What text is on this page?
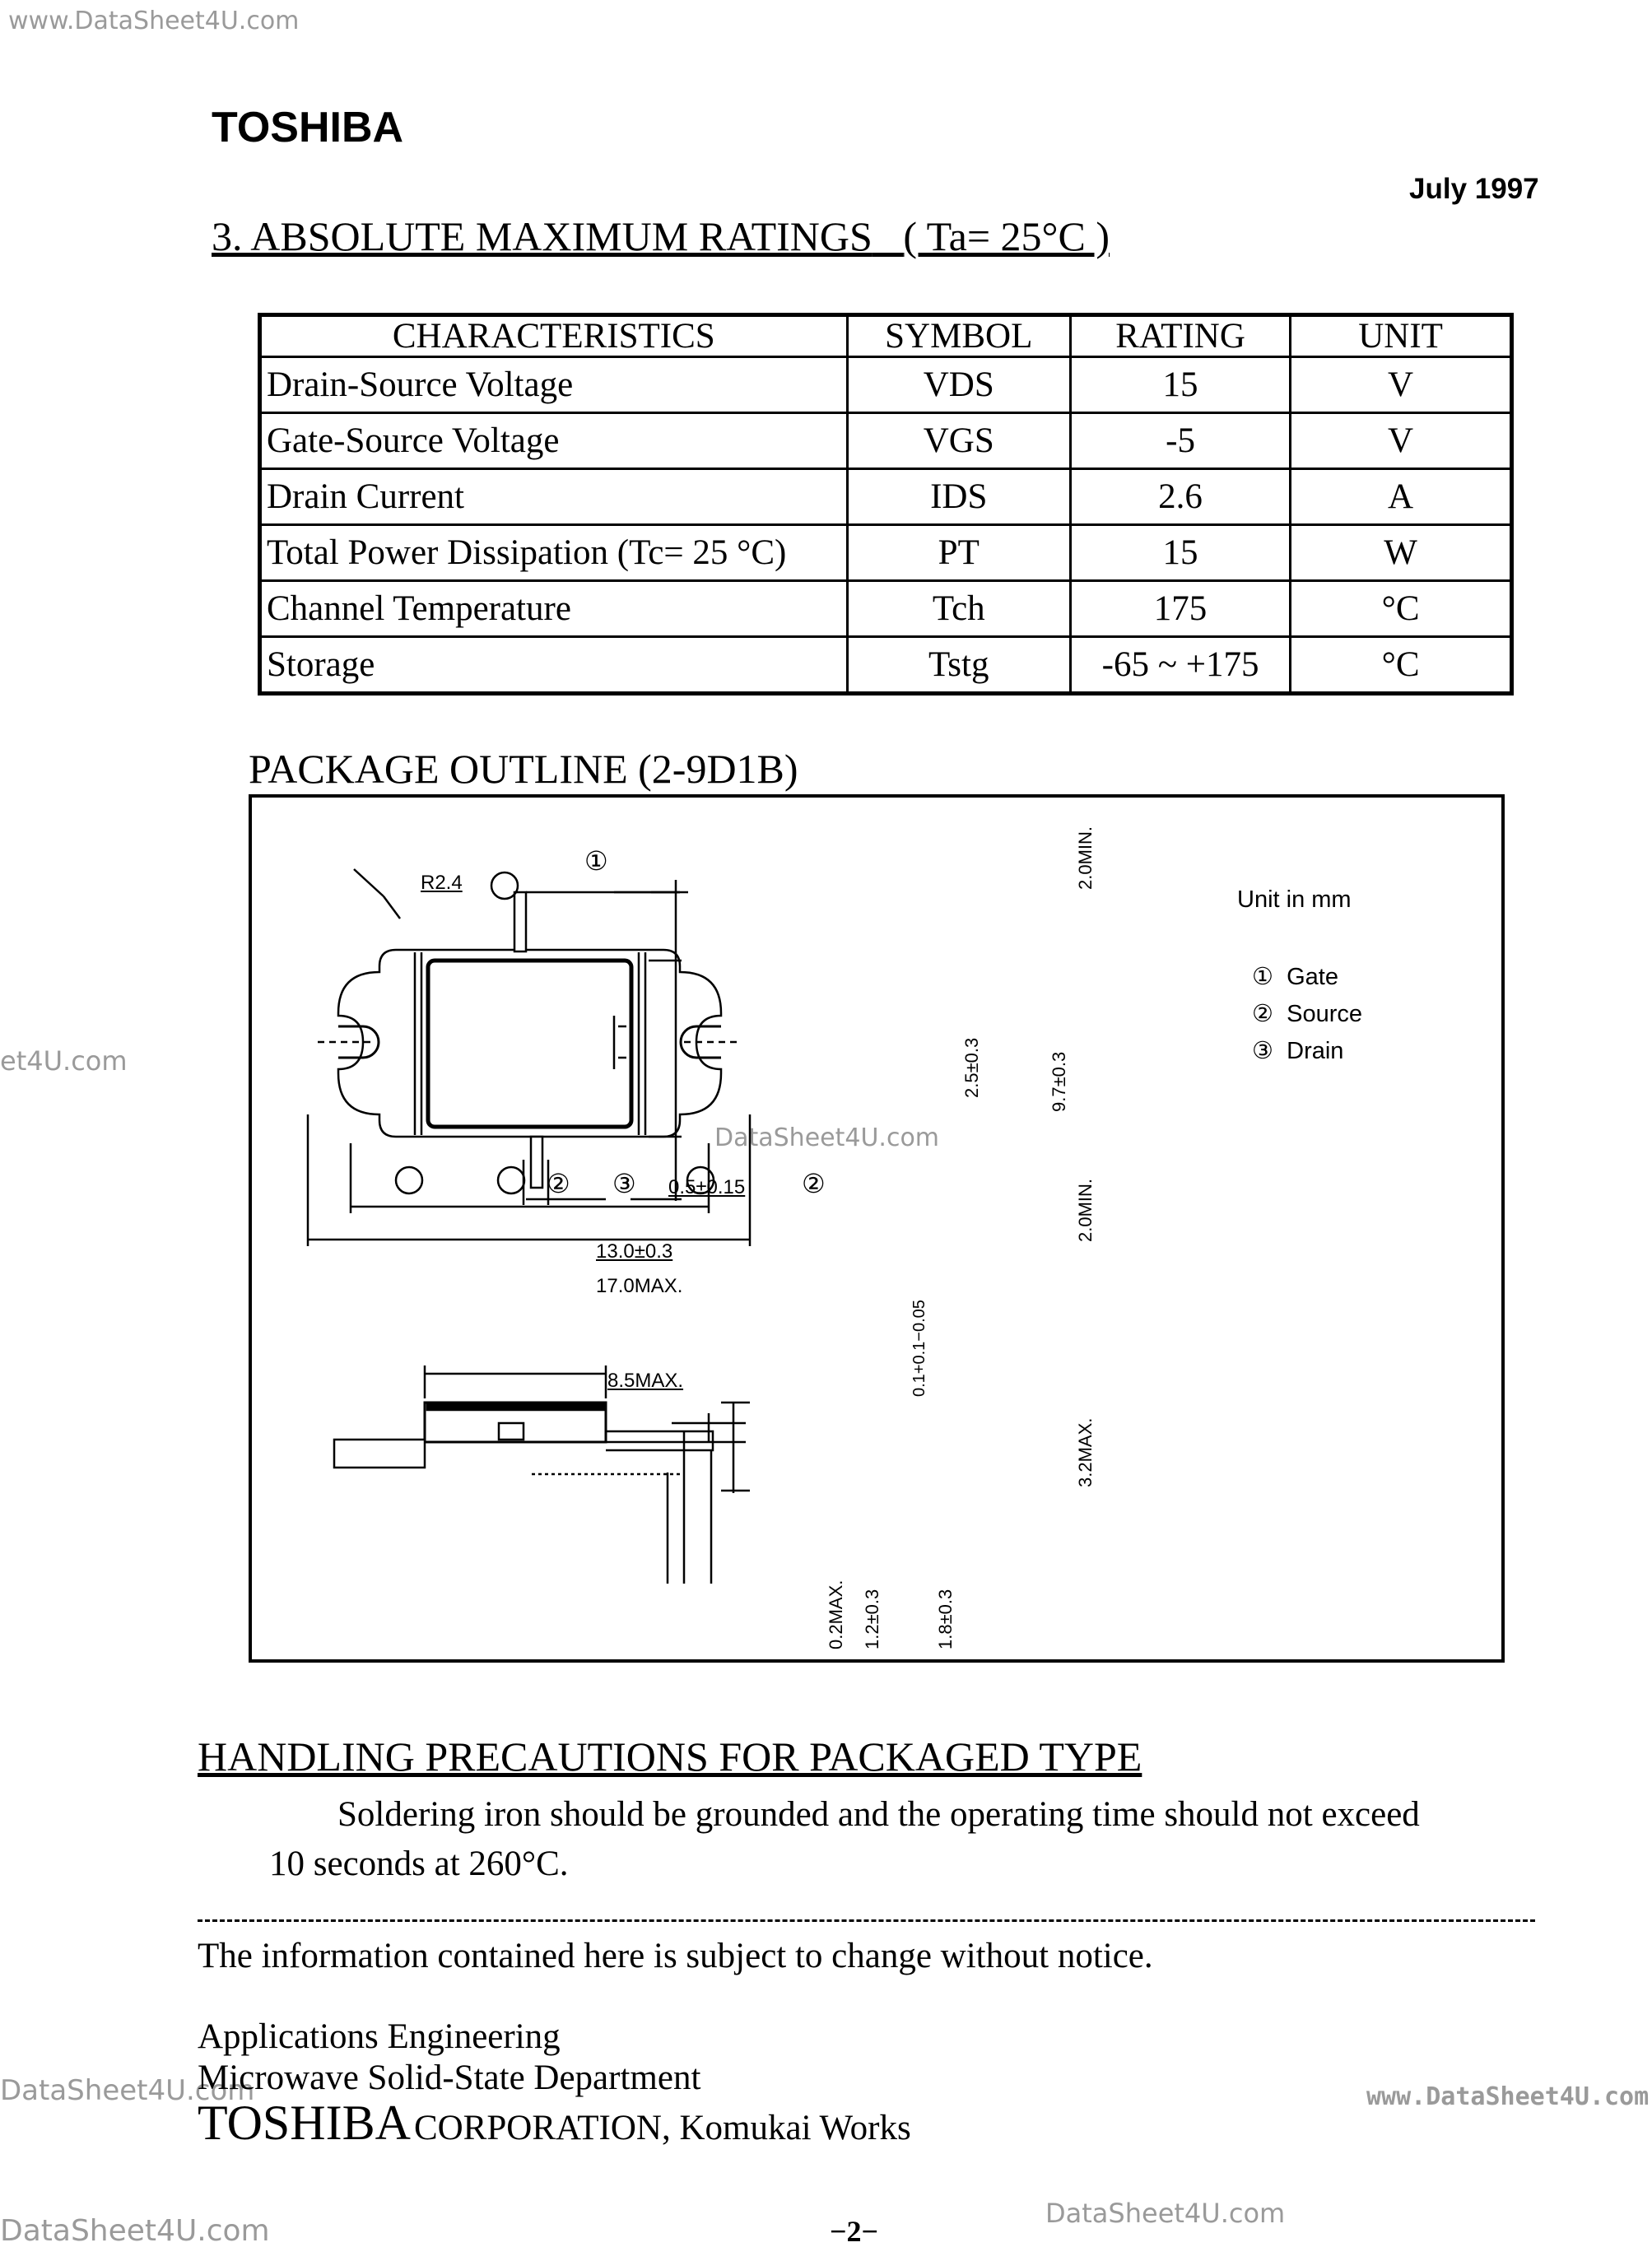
www.DataSheet4U.com
et4U.com
DataSheet4U.com
DataSheet4U.com	www.DataSheet4U.com
DataSheet4U.com
DataSheet4U.com
TOSHIBA
July 1997
3. ABSOLUTE MAXIMUM RATINGS ( Ta= 25°C )
CHARACTERISTICS	SYMBOL	RATING	UNIT
Drain-Source Voltage	VDS	15	V
Gate-Source Voltage	VGS	-5	V
Drain Current	IDS	2.6	A
Total Power Dissipation (Tc= 25 °C)	PT	15	W
Channel Temperature	Tch	175	°C
Storage	Tstg	-65 ~ +175	°C
PACKAGE OUTLINE (2-9D1B)
R2.4
①
② ③	②
0.5±0.15
13.0±0.3
17.0MAX.
8.5MAX.
2.0MIN.
2.5±0.3	9.7±0.3
2.0MIN.
0.1+0.1−0.05
3.2MAX.
0.2MAX. 1.2±0.3	1.8±0.3
Unit in mm
① Gate
② Source
③ Drain
HANDLING PRECAUTIONS FOR PACKAGED TYPE
Soldering iron should be grounded and the operating time should not exceed
10 seconds at 260°C.
The information contained here is subject to change without notice.
Applications Engineering
Microwave Solid-State Department
TOSHIBA CORPORATION, Komukai Works
−2−
